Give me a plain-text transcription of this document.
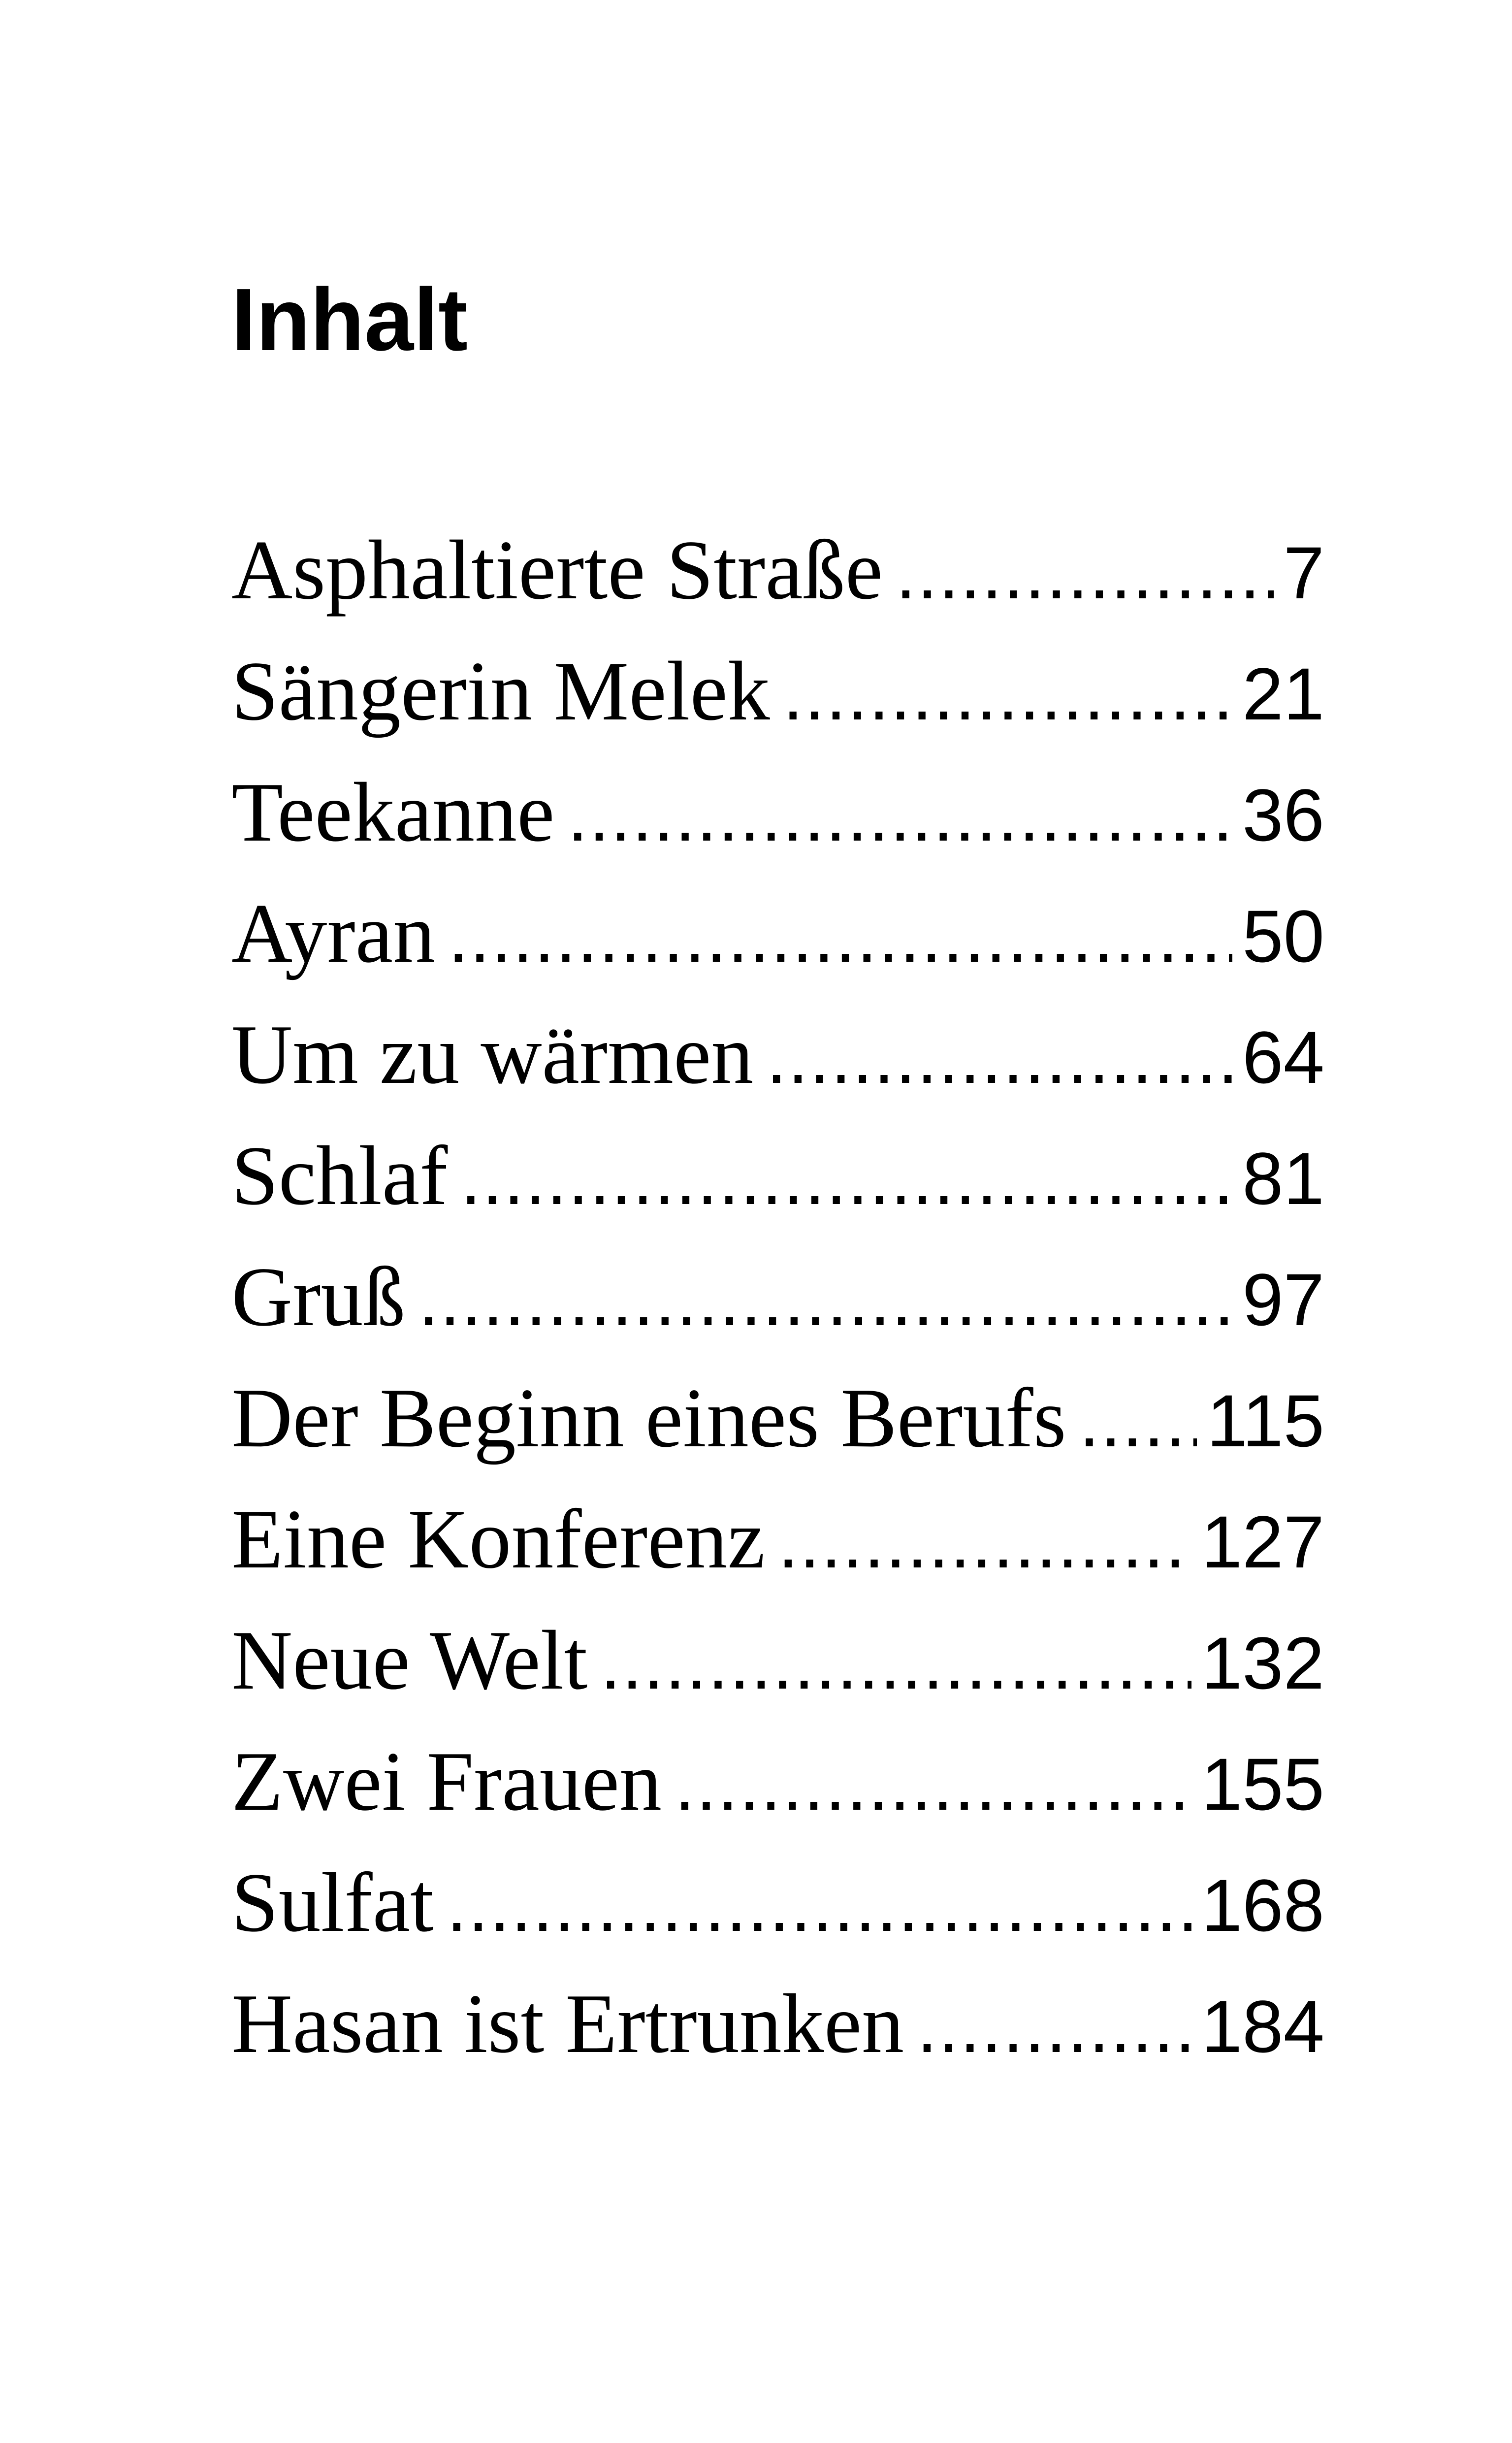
Inhalt
Asphaltierte Straße .....	7
Sängerin Melek .....	21
Teekanne .....	36
Ayran .....	50
Um zu wärmen .....	64
Schlaf .....	81
Gruß .....	97
Der Beginn eines Berufs ..... 115
Eine Konferenz .....	127
Neue Welt .....	132
Zwei Frauen .....	155
Sulfat .....	168
Hasan ist Ertrunken .....	184
